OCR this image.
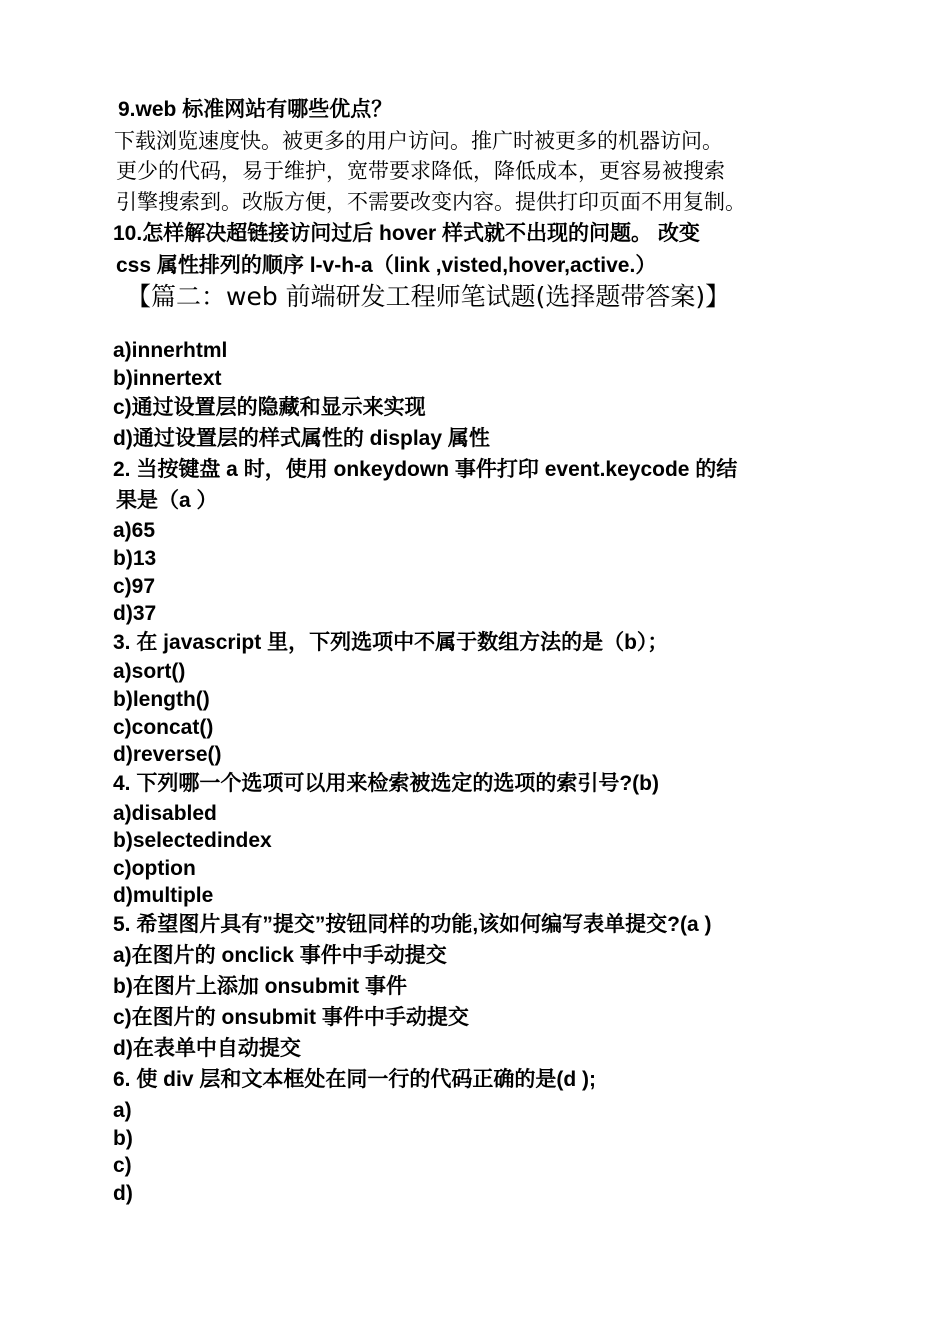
9.web 标准网站有哪些优点？
下载浏览速度快。被更多的用户访问。推广时被更多的机器访问。
更少的代码，易于维护，宽带要求降低，降低成本，更容易被搜索
引擎搜索到。改版方便，不需要改变内容。提供打印页面不用复制。
10.怎样解决超链接访问过后 hover 样式就不出现的问题。 改变
css 属性排列的顺序 l-v-h-a（link ,visted,hover,active.）
【篇二：web 前端研发工程师笔试题(选择题带答案)】
a)innerhtml
b)innertext
c)通过设置层的隐藏和显示来实现
d)通过设置层的样式属性的 display 属性
2. 当按键盘 a 时，使用 onkeydown 事件打印 event.keycode 的结
果是（a ）
a)65
b)13
c)97
d)37
3. 在 javascript 里，下列选项中不属于数组方法的是（b）；
a)sort()
b)length()
c)concat()
d)reverse()
4. 下列哪一个选项可以用来检索被选定的选项的索引号?(b)
a)disabled
b)selectedindex
c)option
d)multiple
5. 希望图片具有”提交”按钮同样的功能,该如何编写表单提交?(a )
a)在图片的 onclick 事件中手动提交
b)在图片上添加 onsubmit 事件
c)在图片的 onsubmit 事件中手动提交
d)在表单中自动提交
6. 使 div 层和文本框处在同一行的代码正确的是(d );
a)
b)
c)
d)
